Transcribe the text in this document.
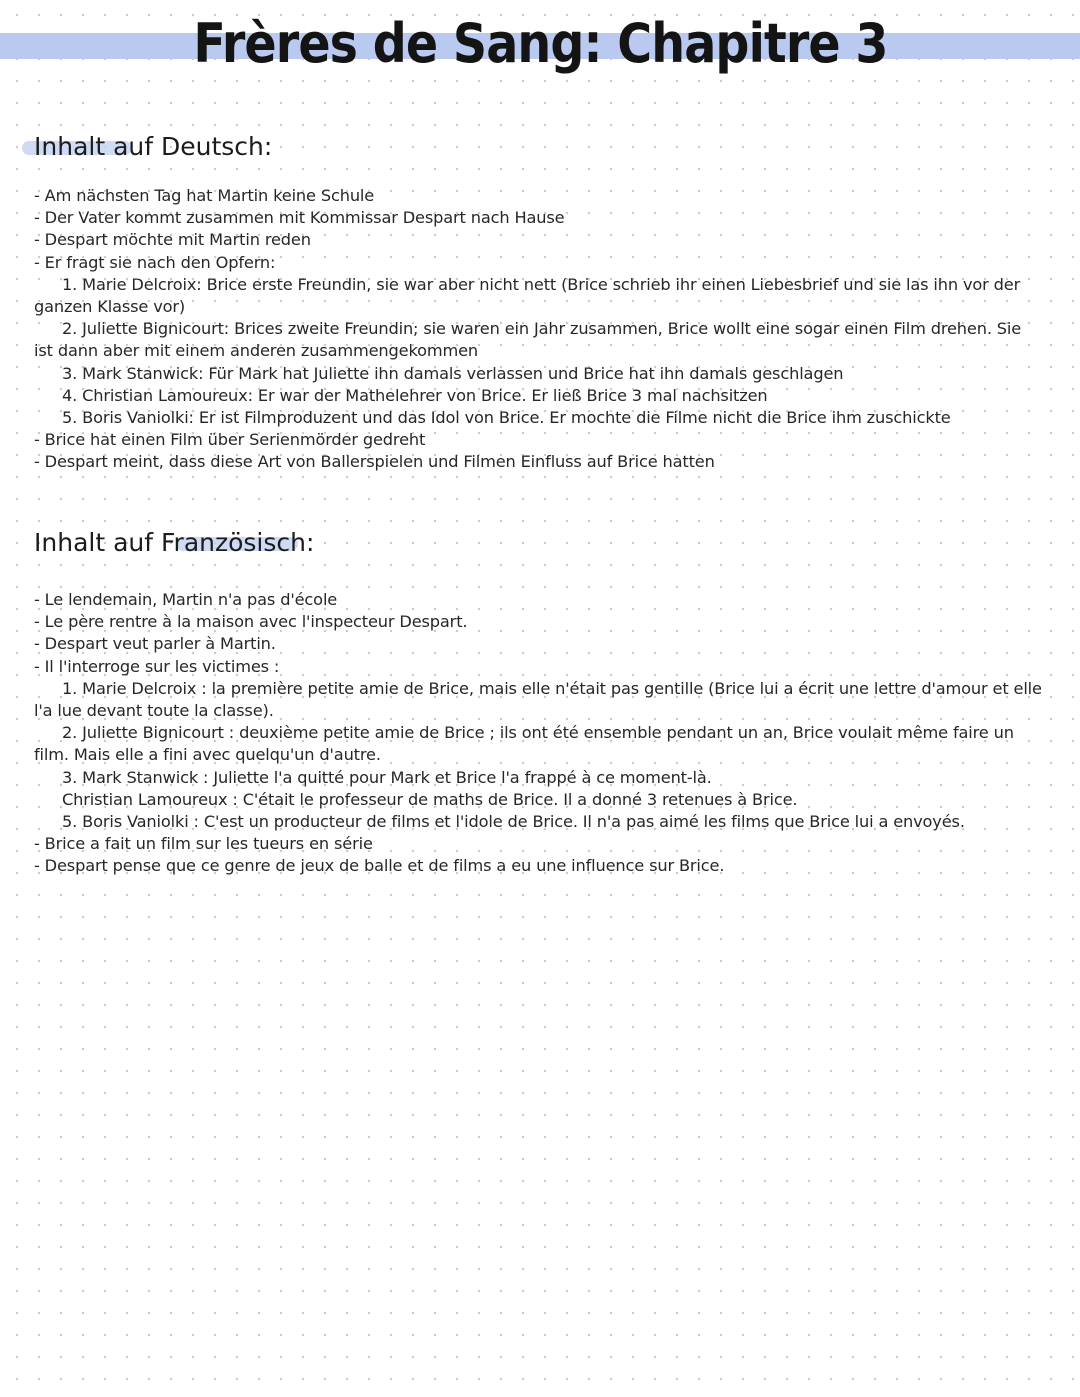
Frères de Sang: Chapitre 3
Inhalt auf Deutsch:
- Am nächsten Tag hat Martin keine Schule
- Der Vater kommt zusammen mit Kommissar Despart nach Hause
- Despart möchte mit Martin reden
- Er fragt sie nach den Opfern:
1. Marie Delcroix: Brice erste Freundin, sie war aber nicht nett (Brice schrieb ihr einen Liebesbrief und sie las ihn vor der
ganzen Klasse vor)
2. Juliette Bignicourt: Brices zweite Freundin; sie waren ein Jahr zusammen, Brice wollt eine sogar einen Film drehen. Sie
ist dann aber mit einem anderen zusammengekommen
3. Mark Stanwick: Für Mark hat Juliette ihn damals verlassen und Brice hat ihn damals geschlagen
4. Christian Lamoureux: Er war der Mathelehrer von Brice. Er ließ Brice 3 mal nachsitzen
5. Boris Vaniolki: Er ist Filmproduzent und das Idol von Brice. Er mochte die Filme nicht die Brice ihm zuschickte
- Brice hat einen Film über Serienmörder gedreht
- Despart meint, dass diese Art von Ballerspielen und Filmen Einfluss auf Brice hatten
Inhalt auf Französisch:
- Le lendemain, Martin n'a pas d'école
- Le père rentre à la maison avec l'inspecteur Despart.
- Despart veut parler à Martin.
- Il l'interroge sur les victimes :
1. Marie Delcroix : la première petite amie de Brice, mais elle n'était pas gentille (Brice lui a écrit une lettre d'amour et elle
l'a lue devant toute la classe).
2. Juliette Bignicourt : deuxième petite amie de Brice ; ils ont été ensemble pendant un an, Brice voulait même faire un
film. Mais elle a fini avec quelqu'un d'autre.
3. Mark Stanwick : Juliette l'a quitté pour Mark et Brice l'a frappé à ce moment-là.
Christian Lamoureux : C'était le professeur de maths de Brice. Il a donné 3 retenues à Brice.
5. Boris Vaniolki : C'est un producteur de films et l'idole de Brice. Il n'a pas aimé les films que Brice lui a envoyés.
- Brice a fait un film sur les tueurs en série
- Despart pense que ce genre de jeux de balle et de films a eu une influence sur Brice.
